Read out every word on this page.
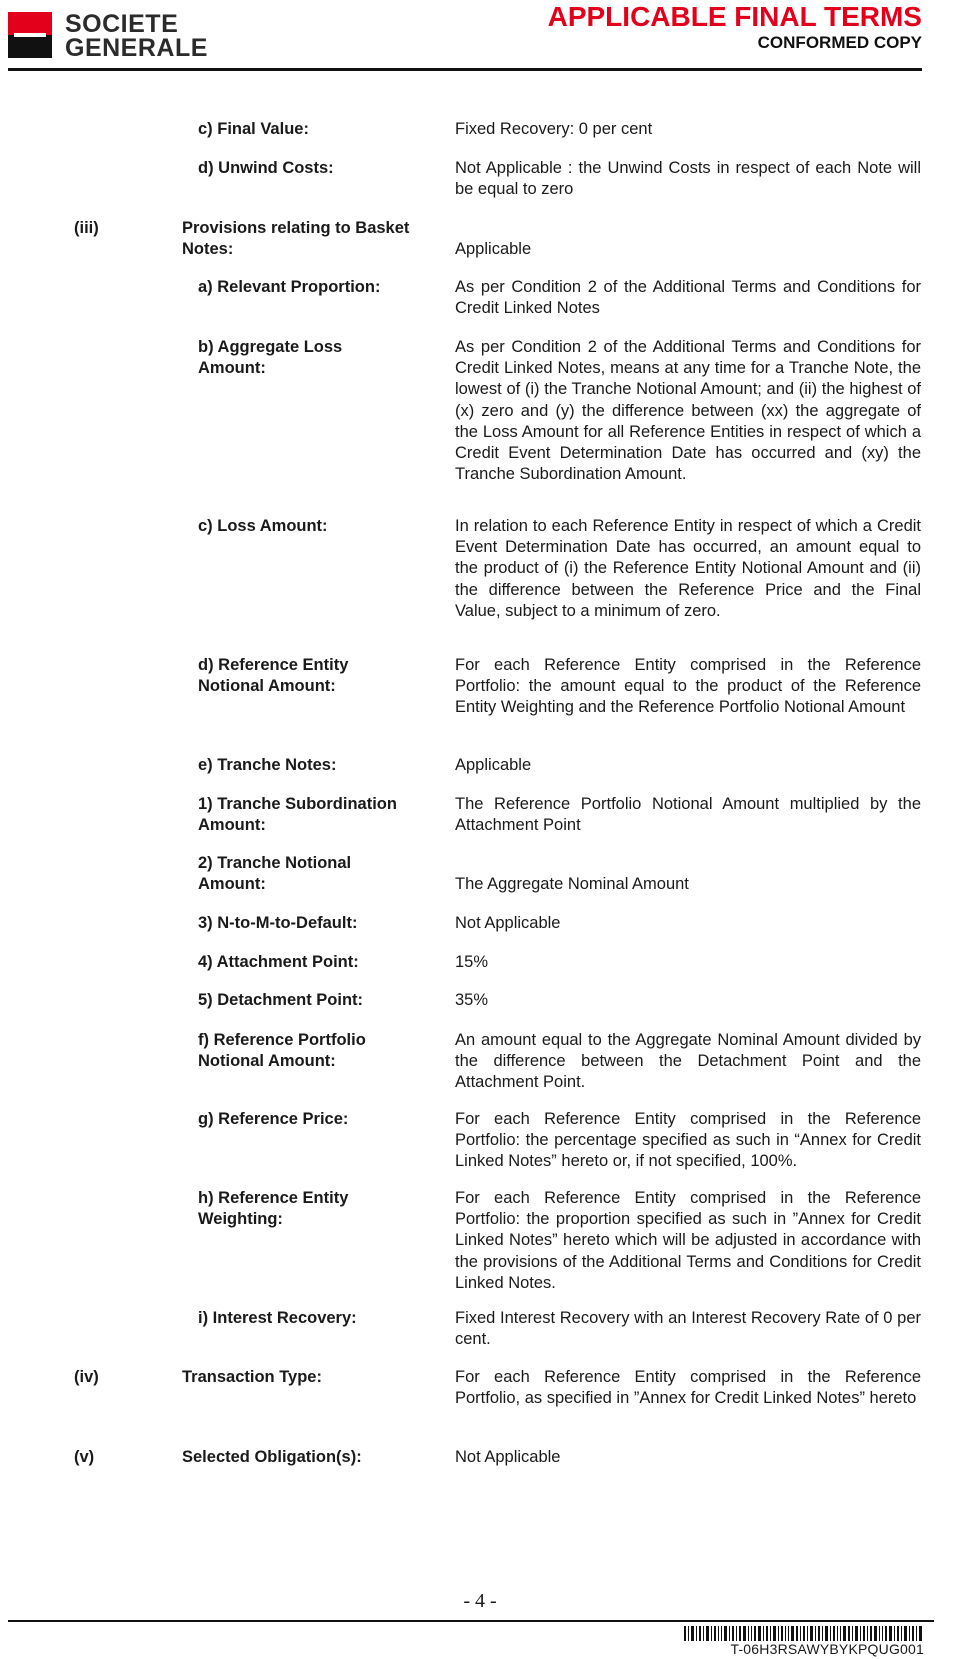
SOCIETE
GENERALE
APPLICABLE FINAL TERMS
CONFORMED COPY
c) Final Value:	Fixed Recovery: 0 per cent
d) Unwind Costs:	Not Applicable : the Unwind Costs in respect of each Note will be equal to zero
(iii)	Provisions relating to Basket Notes:	Applicable
a) Relevant Proportion:	As per Condition 2 of the Additional Terms and Conditions for Credit Linked Notes
b) Aggregate Loss Amount:
As per Condition 2 of the Additional Terms and Conditions for Credit Linked Notes, means at any time for a Tranche Note, the lowest of (i) the Tranche Notional Amount; and (ii) the highest of (x) zero and (y) the difference between (xx) the aggregate of the Loss Amount for all Reference Entities in respect of which a Credit Event Determination Date has occurred and (xy) the Tranche Subordination Amount.
c) Loss Amount:	In relation to each Reference Entity in respect of which a Credit Event Determination Date has occurred, an amount equal to the product of (i) the Reference Entity Notional Amount and (ii) the difference between the Reference Price and the Final Value, subject to a minimum of zero.
d) Reference Entity Notional Amount:
For each Reference Entity comprised in the Reference Portfolio: the amount equal to the product of the Reference Entity Weighting and the Reference Portfolio Notional Amount
e) Tranche Notes:	Applicable
1) Tranche Subordination Amount:
The Reference Portfolio Notional Amount multiplied by the Attachment Point
2) Tranche Notional Amount:	The Aggregate Nominal Amount
3) N-to-M-to-Default:	Not Applicable
4) Attachment Point:	15%
5) Detachment Point:	35%
f) Reference Portfolio Notional Amount:
An amount equal to the Aggregate Nominal Amount divided by the difference between the Detachment Point and the Attachment Point.
g) Reference Price:	For each Reference Entity comprised in the Reference Portfolio: the percentage specified as such in “Annex for Credit Linked Notes” hereto or, if not specified, 100%.
h) Reference Entity Weighting:
For each Reference Entity comprised in the Reference Portfolio: the proportion specified as such in ”Annex for Credit Linked Notes” hereto which will be adjusted in accordance with the provisions of the Additional Terms and Conditions for Credit Linked Notes.
i) Interest Recovery:	Fixed Interest Recovery with an Interest Recovery Rate of 0 per cent.
(iv)	Transaction Type:	For each Reference Entity comprised in the Reference Portfolio, as specified in ”Annex for Credit Linked Notes” hereto
(v)	Selected Obligation(s):	Not Applicable
- 4 -
T-06H3RSAWYBYKPQUG001
